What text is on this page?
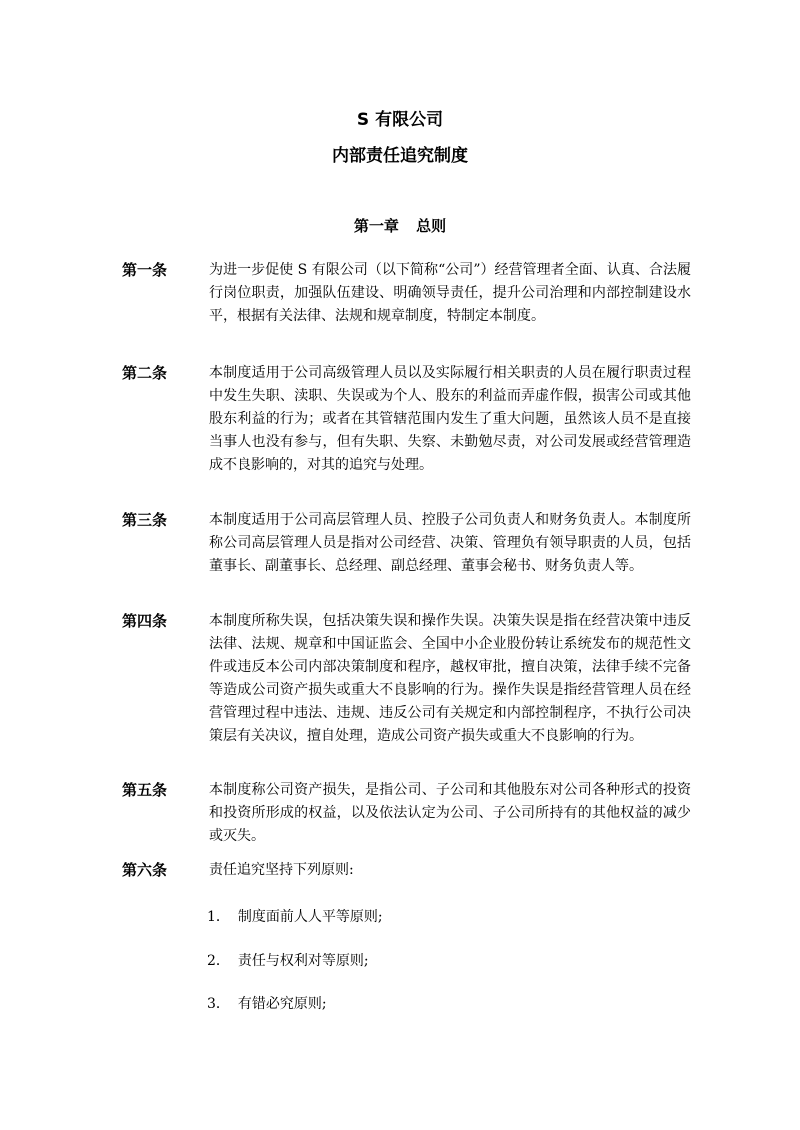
S 有限公司
内部责任追究制度
第一章 总则
第一条	为进一步促使 S 有限公司（以下简称“公司”）经营管理者全面、认真、合法履行岗位职责，加强队伍建设、明确领导责任，提升公司治理和内部控制建设水平，根据有关法律、法规和规章制度，特制定本制度。
第二条	本制度适用于公司高级管理人员以及实际履行相关职责的人员在履行职责过程中发生失职、渎职、失误或为个人、股东的利益而弄虚作假，损害公司或其他股东利益的行为；或者在其管辖范围内发生了重大问题，虽然该人员不是直接当事人也没有参与，但有失职、失察、未勤勉尽责，对公司发展或经营管理造成不良影响的，对其的追究与处理。
第三条	本制度适用于公司高层管理人员、控股子公司负责人和财务负责人。本制度所称公司高层管理人员是指对公司经营、决策、管理负有领导职责的人员，包括董事长、副董事长、总经理、副总经理、董事会秘书、财务负责人等。
第四条	本制度所称失误，包括决策失误和操作失误。决策失误是指在经营决策中违反法律、法规、规章和中国证监会、全国中小企业股份转让系统发布的规范性文件或违反本公司内部决策制度和程序，越权审批，擅自决策，法律手续不完备等造成公司资产损失或重大不良影响的行为。操作失误是指经营管理人员在经营管理过程中违法、违规、违反公司有关规定和内部控制程序，不执行公司决策层有关决议，擅自处理，造成公司资产损失或重大不良影响的行为。
第五条	本制度称公司资产损失，是指公司、子公司和其他股东对公司各种形式的投资和投资所形成的权益，以及依法认定为公司、子公司所持有的其他权益的减少或灭失。
第六条	责任追究坚持下列原则:
1． 制度面前人人平等原则;
2． 责任与权利对等原则;
3． 有错必究原则;
